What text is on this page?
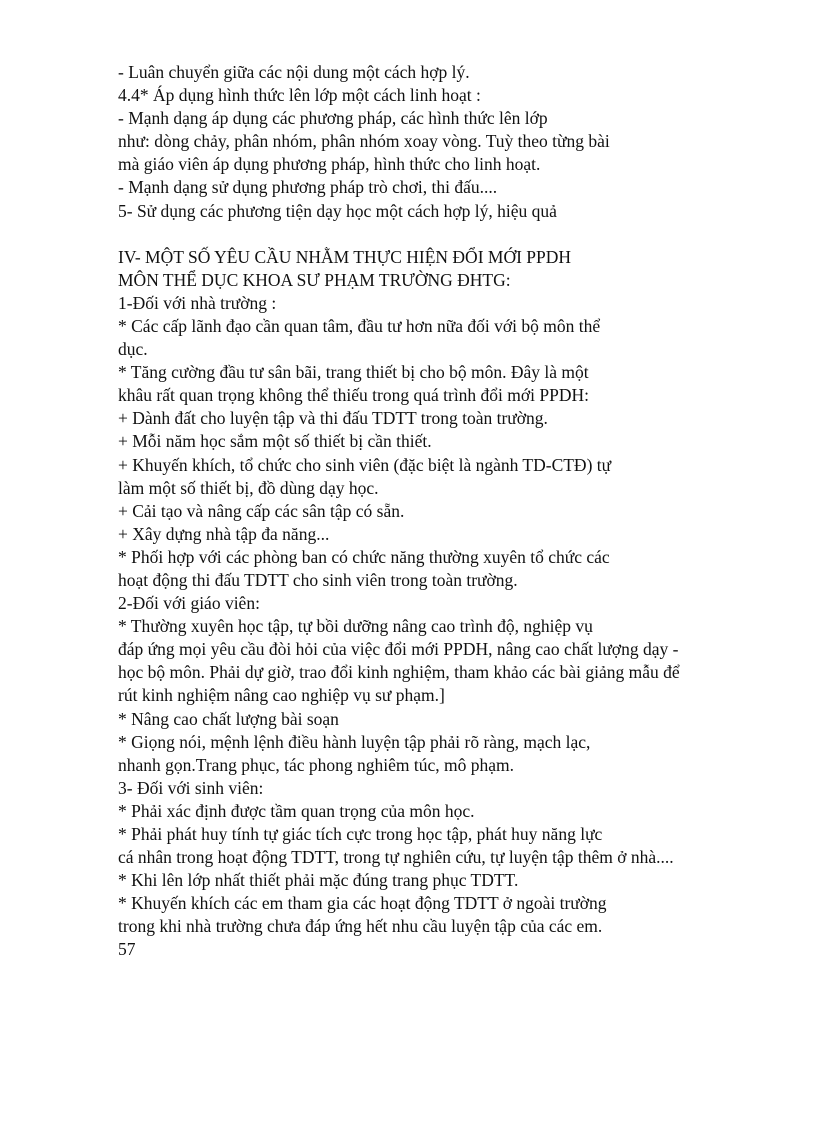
- Luân chuyển giữa các nội dung một cách hợp lý.
4.4* Áp dụng hình thức lên lớp một cách linh hoạt :
- Mạnh dạng áp dụng các phương pháp, các hình thức lên lớp
như: dòng chảy, phân nhóm, phân nhóm xoay vòng. Tuỳ theo từng bài
mà giáo viên áp dụng phương pháp, hình thức cho linh hoạt.
- Mạnh dạng sử dụng phương pháp trò chơi, thi đấu....
5- Sử dụng các phương tiện dạy học một cách hợp lý, hiệu quả
IV- MỘT SỐ YÊU CẦU NHẰM THỰC HIỆN ĐỔI MỚI PPDH
MÔN THỂ DỤC KHOA SƯ PHẠM TRƯỜNG ĐHTG:
1-Đối với nhà trường :
* Các cấp lãnh đạo cần quan tâm, đầu tư hơn nữa đối với bộ môn thể
dục.
* Tăng cường đầu tư sân bãi, trang thiết bị cho bộ môn. Đây là một
khâu rất quan trọng không thể thiếu trong quá trình đổi mới PPDH:
+ Dành đất cho luyện tập và thi đấu TDTT trong toàn trường.
+ Mỗi năm học sắm một số thiết bị cần thiết.
+ Khuyến khích, tổ chức cho sinh viên (đặc biệt là ngành TD-CTĐ) tự
làm một số thiết bị, đồ dùng dạy học.
+ Cải tạo và nâng cấp các sân tập có sẵn.
+ Xây dựng nhà tập đa năng...
* Phối hợp với các phòng ban có chức năng thường xuyên tổ chức các
hoạt động thi đấu TDTT cho sinh viên trong toàn trường.
2-Đối với giáo viên:
* Thường xuyên học tập, tự bồi dưỡng nâng cao trình độ, nghiệp vụ
đáp ứng mọi yêu cầu đòi hỏi của việc đổi mới PPDH, nâng cao chất lượng dạy -
học bộ môn. Phải dự giờ, trao đổi kinh nghiệm, tham khảo các bài giảng mẫu để
rút kinh nghiệm nâng cao nghiệp vụ sư phạm.]
* Nâng cao chất lượng bài soạn
* Giọng nói, mệnh lệnh điều hành luyện tập phải rõ ràng, mạch lạc,
nhanh gọn.Trang phục, tác phong nghiêm túc, mô phạm.
3- Đối với sinh viên:
* Phải xác định được tầm quan trọng của môn học.
* Phải phát huy tính tự giác tích cực trong học tập, phát huy năng lực
cá nhân trong hoạt động TDTT, trong tự nghiên cứu, tự luyện tập thêm ở nhà....
* Khi lên lớp nhất thiết phải mặc đúng trang phục TDTT.
* Khuyến khích các em tham gia các hoạt động TDTT ở ngoài trường
trong khi nhà trường chưa đáp ứng hết nhu cầu luyện tập của các em.
57
